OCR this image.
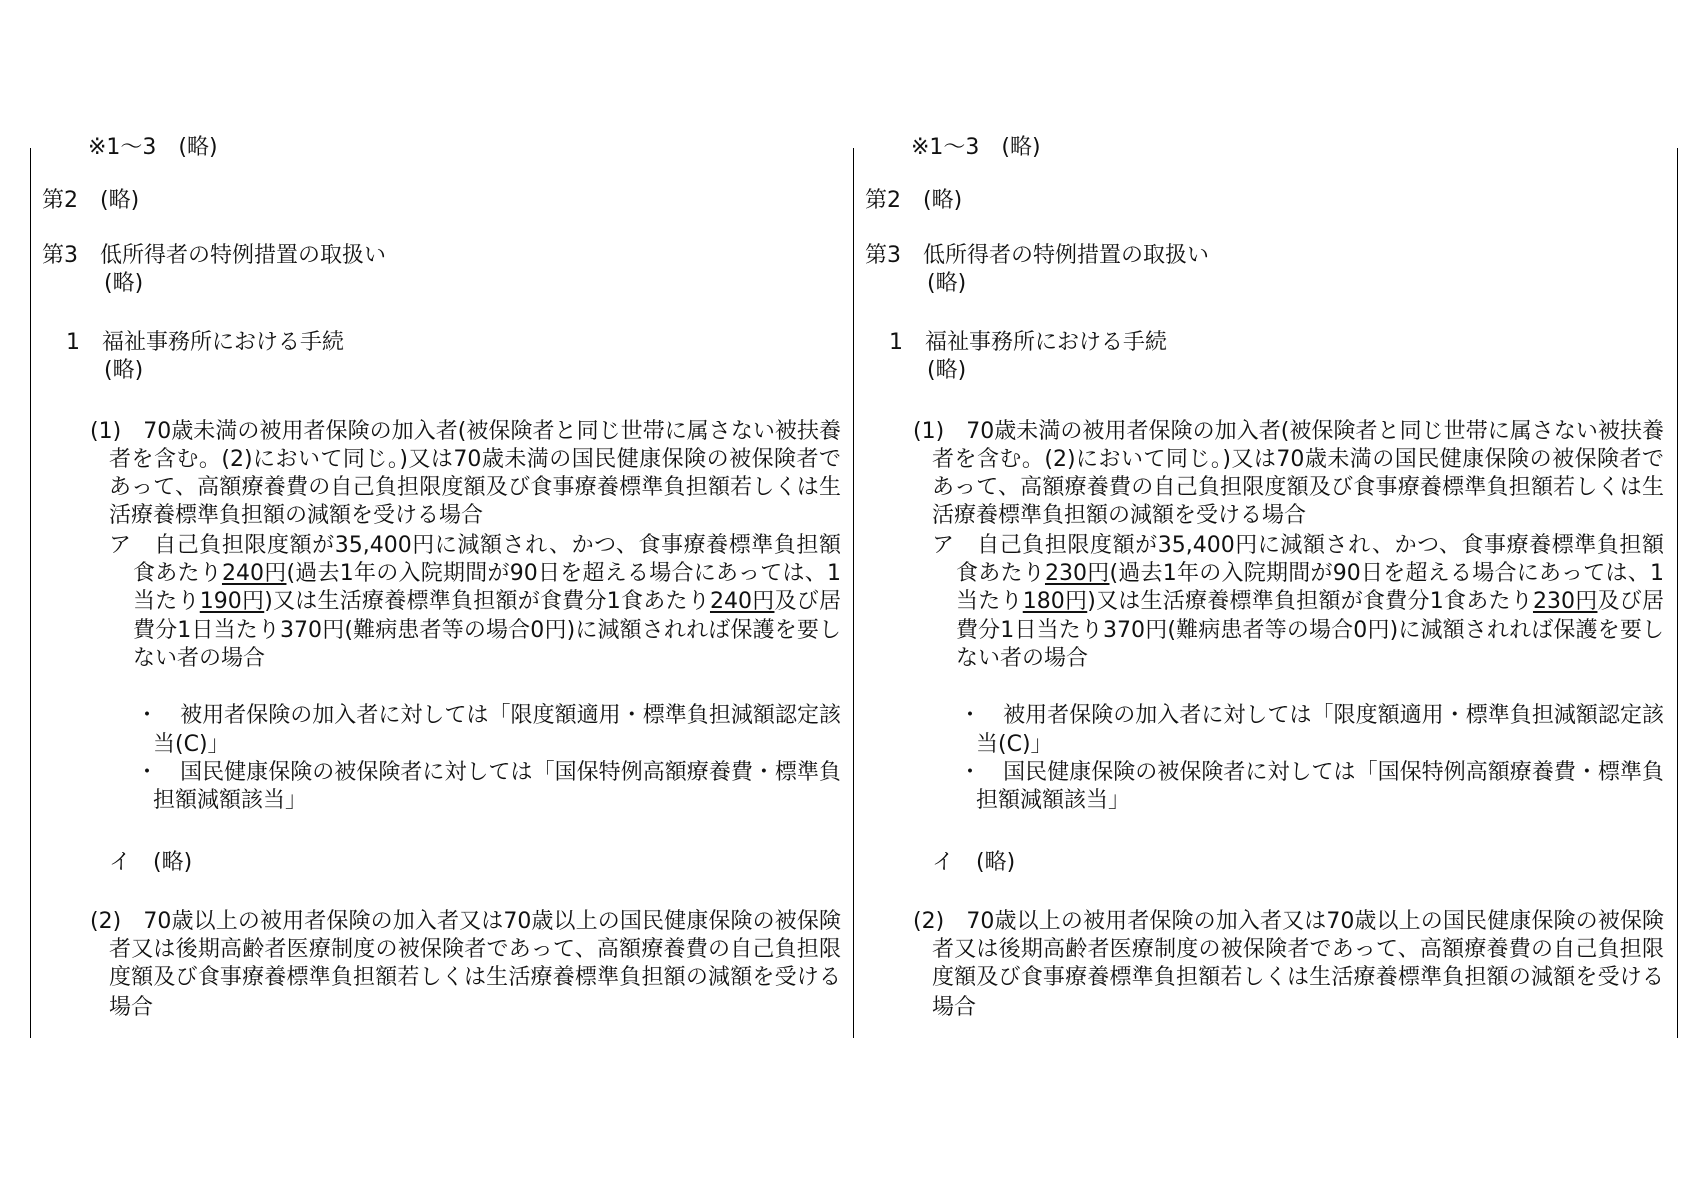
※1～3　(略)
第2　(略)
第3　低所得者の特例措置の取扱い
(略)
1　福祉事務所における手続
(略)
(1)　70歳未満の被用者保険の加入者(被保険者と同じ世帯に属さない被扶養
者を含む。(2)において同じ。)又は70歳未満の国民健康保険の被保険者で
あって、高額療養費の自己負担限度額及び食事療養標準負担額若しくは生
活療養標準負担額の減額を受ける場合
ア　自己負担限度額が35,400円に減額され、かつ、食事療養標準負担額
食あたり240円(過去1年の入院期間が90日を超える場合にあっては、1
当たり190円)又は生活療養標準負担額が食費分1食あたり240円及び居
費分1日当たり370円(難病患者等の場合0円)に減額されれば保護を要し
ない者の場合
・　被用者保険の加入者に対しては「限度額適用・標準負担減額認定該
当(C)」
・　国民健康保険の被保険者に対しては「国保特例高額療養費・標準負
担額減額該当」
イ　(略)
(2)　70歳以上の被用者保険の加入者又は70歳以上の国民健康保険の被保険
者又は後期高齢者医療制度の被保険者であって、高額療養費の自己負担限
度額及び食事療養標準負担額若しくは生活療養標準負担額の減額を受ける
場合
※1～3　(略)
第2　(略)
第3　低所得者の特例措置の取扱い
(略)
1　福祉事務所における手続
(略)
(1)　70歳未満の被用者保険の加入者(被保険者と同じ世帯に属さない被扶養
者を含む。(2)において同じ。)又は70歳未満の国民健康保険の被保険者で
あって、高額療養費の自己負担限度額及び食事療養標準負担額若しくは生
活療養標準負担額の減額を受ける場合
ア　自己負担限度額が35,400円に減額され、かつ、食事療養標準負担額
食あたり230円(過去1年の入院期間が90日を超える場合にあっては、1
当たり180円)又は生活療養標準負担額が食費分1食あたり230円及び居
費分1日当たり370円(難病患者等の場合0円)に減額されれば保護を要し
ない者の場合
・　被用者保険の加入者に対しては「限度額適用・標準負担減額認定該
当(C)」
・　国民健康保険の被保険者に対しては「国保特例高額療養費・標準負
担額減額該当」
イ　(略)
(2)　70歳以上の被用者保険の加入者又は70歳以上の国民健康保険の被保険
者又は後期高齢者医療制度の被保険者であって、高額療養費の自己負担限
度額及び食事療養標準負担額若しくは生活療養標準負担額の減額を受ける
場合
